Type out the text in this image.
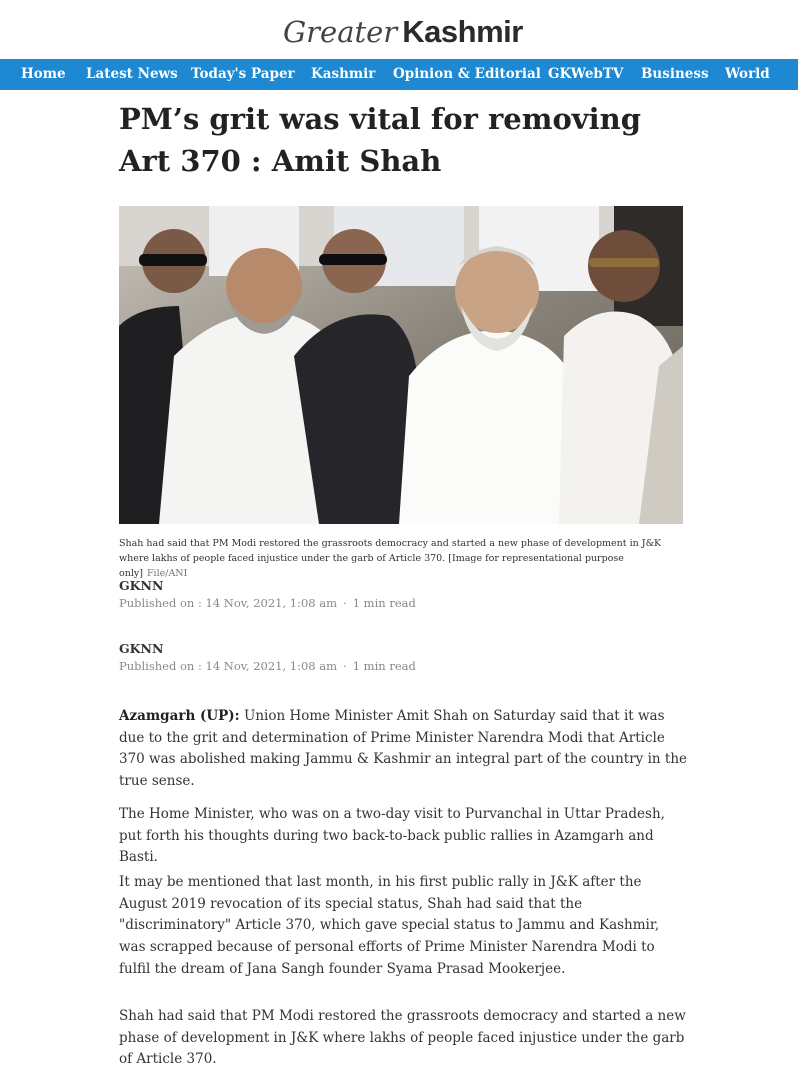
Greater Kashmir
Home Latest News Today's Paper Kashmir Opinion & Editorial GKWebTV Business World
PM’s grit was vital for removing Art 370 : Amit Shah

Shah had said that PM Modi restored the grassroots democracy and started a new phase of development in J&K where lakhs of people faced injustice under the garb of Article 370. [Image for representational purpose only] File/ANI

GKNN
Published on : 14 Nov, 2021, 1:08 am · 1 min read
GKNN
Published on : 14 Nov, 2021, 1:08 am · 1 min read

Azamgarh (UP): Union Home Minister Amit Shah on Saturday said that it was due to the grit and determination of Prime Minister Narendra Modi that Article 370 was abolished making Jammu & Kashmir an integral part of the country in the true sense.

The Home Minister, who was on a two-day visit to Purvanchal in Uttar Pradesh, put forth his thoughts during two back-to-back public rallies in Azamgarh and Basti.

It may be mentioned that last month, in his first public rally in J&K after the August 2019 revocation of its special status, Shah had said that the "discriminatory" Article 370, which gave special status to Jammu and Kashmir, was scrapped because of personal efforts of Prime Minister Narendra Modi to fulfil the dream of Jana Sangh founder Syama Prasad Mookerjee.

Shah had said that PM Modi restored the grassroots democracy and started a new phase of development in J&K where lakhs of people faced injustice under the garb of Article 370.
